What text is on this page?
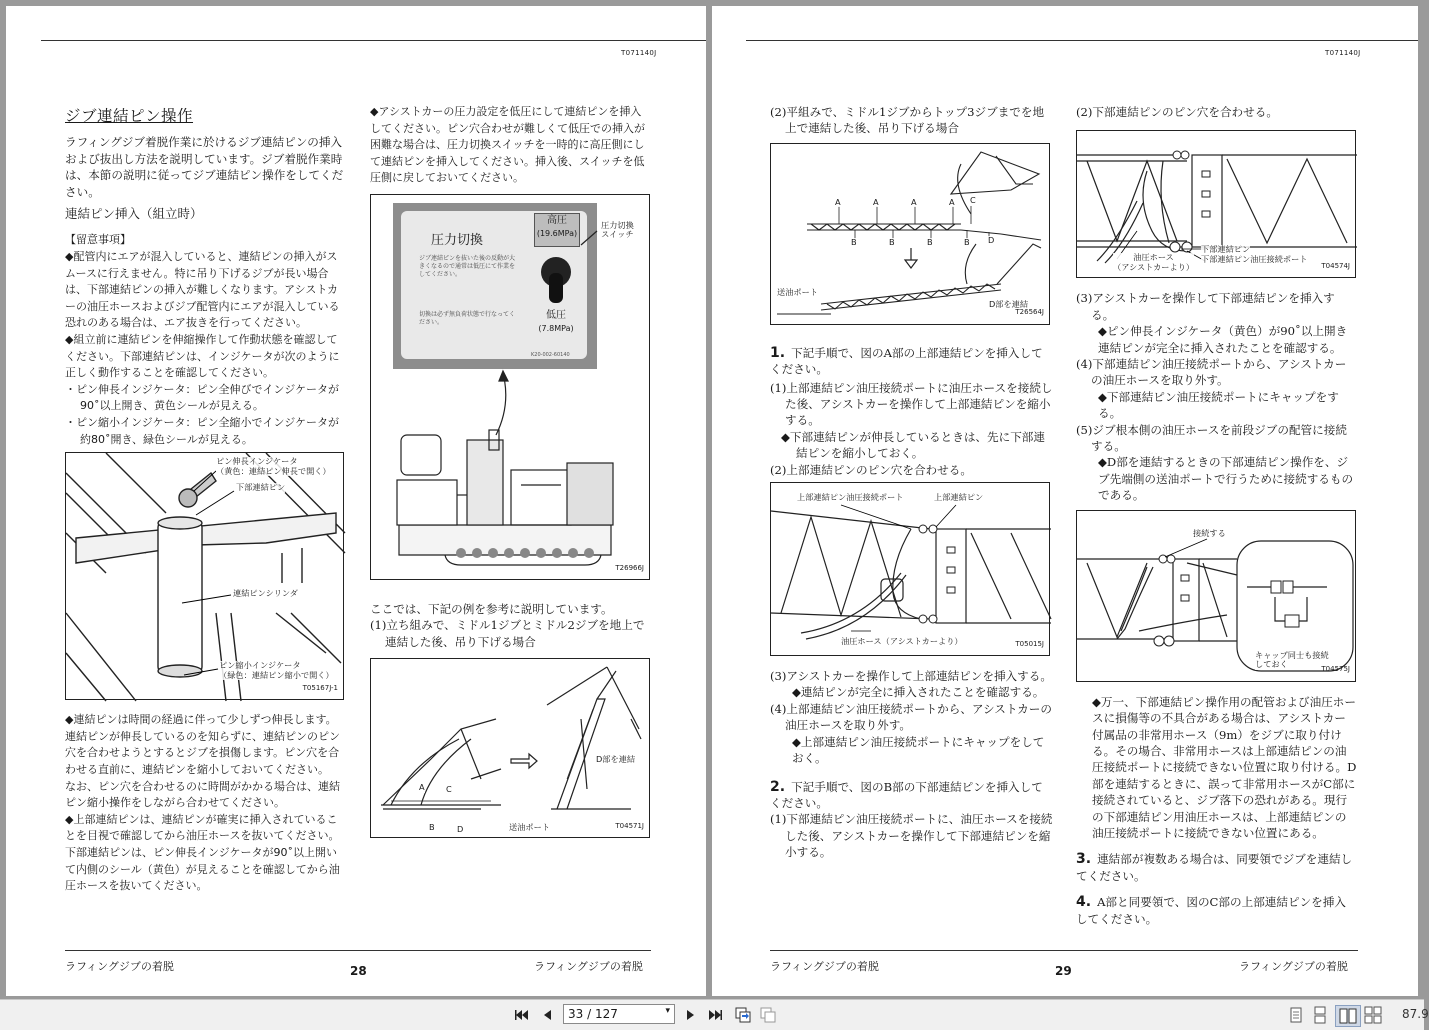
T071140J
ジブ連結ピン操作

ラフィングジブ着脱作業に於けるジブ連結ピンの挿入および抜出し方法を説明しています。ジブ着脱作業時は、本節の説明に従ってジブ連結ピン操作をしてください。

連結ピン挿入（組立時）

【留意事項】

◆配管内にエアが混入していると、連結ピンの挿入がスムースに行えません。特に吊り下げるジブが長い場合は、下部連結ピンの挿入が難しくなります。アシストカーの油圧ホースおよびジブ配管内にエアが混入している恐れのある場合は、エア抜きを行ってください。

◆組立前に連結ピンを伸縮操作して作動状態を確認してください。下部連結ピンは、インジケータが次のように正しく動作することを確認してください。

・ピン伸長インジケータ：ピン全伸びでインジケータが90˚以上開き、黄色シールが見える。

・ピン縮小インジケータ：ピン全縮小でインジケータが約80˚開き、緑色シールが見える。

ピン伸長インジケータ
（黄色：連結ピン伸長で開く）
下部連結ピン
連結ピンシリンダ
ピン縮小インジケータ
（緑色：連結ピン縮小で開く）
T05167J-1

◆連結ピンは時間の経過に伴って少しずつ伸長します。連結ピンが伸長しているのを知らずに、連結ピンのピン穴を合わせようとするとジブを損傷します。ピン穴を合わせる直前に、連結ピンを縮小しておいてください。

なお、ピン穴を合わせるのに時間がかかる場合は、連結ピン縮小操作をしながら合わせてください。

◆上部連結ピンは、連結ピンが確実に挿入されていることを目視で確認してから油圧ホースを抜いてください。下部連結ピンは、ピン伸長インジケータが90˚以上開いて内側のシール（黄色）が見えることを確認してから油圧ホースを抜いてください。

◆アシストカーの圧力設定を低圧にして連結ピンを挿入してください。ピン穴合わせが難しくて低圧での挿入が困難な場合は、圧力切換スイッチを一時的に高圧側にして連結ピンを挿入してください。挿入後、スイッチを低圧側に戻しておいてください。

圧力切換
ジブ連結ピンを抜いた後の反動が大きくなるので通常は低圧にて作業をしてください。
切換は必ず無負荷状態で行なってください。
高圧
(19.6MPa)
低圧
(7.8MPa)
K20-002-60140
圧力切換
スイッチ
T26966J

ここでは、下記の例を参考に説明しています。

(1)立ち組みで、ミドル1ジブとミドル2ジブを地上で連結した後、吊り下げる場合

A	C
B	D
D部を連結
送油ポート	T04571J
ラフィングジブの着脱	28	ラフィングジブの着脱
T071140J

(2)平組みで、ミドル1ジブからトップ3ジブまでを地上で連結した後、吊り下げる場合

A	A	A	A C
B	B	B	B D
送油ポート
D部を連結
T26564J

1. 下記手順で、図のA部の上部連結ピンを挿入してください。

(1)上部連結ピン油圧接続ポートに油圧ホースを接続した後、アシストカーを操作して上部連結ピンを縮小する。

◆下部連結ピンが伸長しているときは、先に下部連結ピンを縮小しておく。

(2)上部連結ピンのピン穴を合わせる。

上部連結ピン油圧接続ポート	上部連結ピン
油圧ホース（アシストカーより）	T05015J

(3)アシストカーを操作して上部連結ピンを挿入する。

◆連結ピンが完全に挿入されたことを確認する。

(4)上部連結ピン油圧接続ポートから、アシストカーの油圧ホースを取り外す。

◆上部連結ピン油圧接続ポートにキャップをしておく。

2. 下記手順で、図のB部の下部連結ピンを挿入してください。

(1)下部連結ピン油圧接続ポートに、油圧ホースを接続した後、アシストカーを操作して下部連結ピンを縮小する。

(2)下部連結ピンのピン穴を合わせる。

油圧ホース
（アシストカーより）
下部連結ピン
下部連結ピン油圧接続ポート
T04574J

(3)アシストカーを操作して下部連結ピンを挿入する。

◆ピン伸長インジケータ（黄色）が90˚以上開き連結ピンが完全に挿入されたことを確認する。

(4)下部連結ピン油圧接続ポートから、アシストカーの油圧ホースを取り外す。

◆下部連結ピン油圧接続ポートにキャップをする。

(5)ジブ根本側の油圧ホースを前段ジブの配管に接続する。

◆D部を連結するときの下部連結ピン操作を、ジブ先端側の送油ポートで行うために接続するものである。

接続する
キャップ同士も接続
しておく
T04575J

◆万一、下部連結ピン操作用の配管および油圧ホースに損傷等の不具合がある場合は、アシストカー付属品の非常用ホース（9m）をジブに取り付ける。その場合、非常用ホースは上部連結ピンの油圧接続ポートに接続できない位置に取り付ける。D部を連結するときに、誤って非常用ホースがC部に接続されていると、ジブ落下の恐れがある。現行の下部連結ピン用油圧ホースは、上部連結ピンの油圧接続ポートに接続できない位置にある。

3. 連結部が複数ある場合は、同要領でジブを連結してください。

4. A部と同要領で、図のC部の上部連結ピンを挿入してください。

ラフィングジブの着脱	29	ラフィングジブの着脱
33 / 127	▾	87.9
